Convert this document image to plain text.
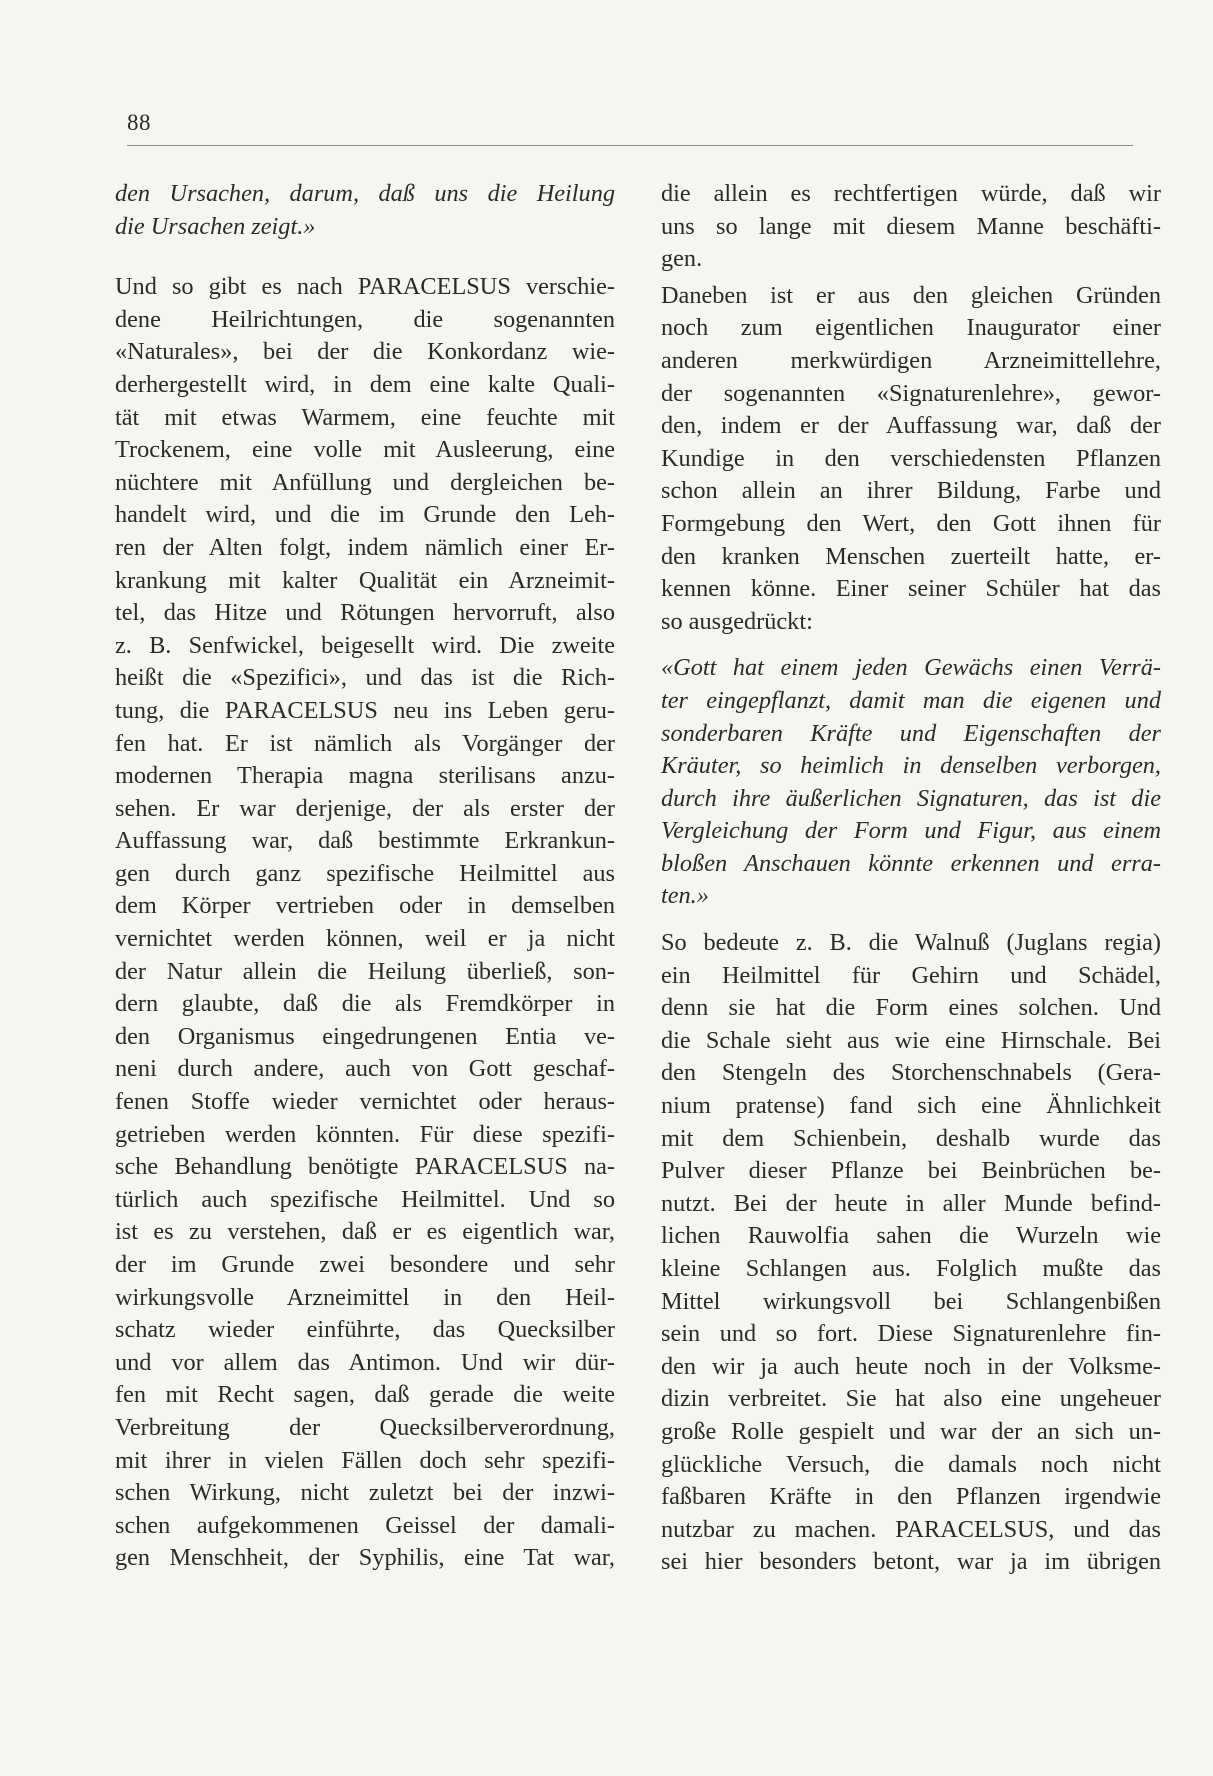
88
den Ursachen, darum, daß uns die Heilung
die Ursachen zeigt.»
Und so gibt es nach PARACELSUS verschie-
dene Heilrichtungen, die sogenannten
«Naturales», bei der die Konkordanz wie-
derhergestellt wird, in dem eine kalte Quali-
tät mit etwas Warmem, eine feuchte mit
Trockenem, eine volle mit Ausleerung, eine
nüchtere mit Anfüllung und dergleichen be-
handelt wird, und die im Grunde den Leh-
ren der Alten folgt, indem nämlich einer Er-
krankung mit kalter Qualität ein Arzneimit-
tel, das Hitze und Rötungen hervorruft, also
z. B. Senfwickel, beigesellt wird. Die zweite
heißt die «Spezifici», und das ist die Rich-
tung, die PARACELSUS neu ins Leben geru-
fen hat. Er ist nämlich als Vorgänger der
modernen Therapia magna sterilisans anzu-
sehen. Er war derjenige, der als erster der
Auffassung war, daß bestimmte Erkrankun-
gen durch ganz spezifische Heilmittel aus
dem Körper vertrieben oder in demselben
vernichtet werden können, weil er ja nicht
der Natur allein die Heilung überließ, son-
dern glaubte, daß die als Fremdkörper in
den Organismus eingedrungenen Entia ve-
neni durch andere, auch von Gott geschaf-
fenen Stoffe wieder vernichtet oder heraus-
getrieben werden könnten. Für diese spezifi-
sche Behandlung benötigte PARACELSUS na-
türlich auch spezifische Heilmittel. Und so
ist es zu verstehen, daß er es eigentlich war,
der im Grunde zwei besondere und sehr
wirkungsvolle Arzneimittel in den Heil-
schatz wieder einführte, das Quecksilber
und vor allem das Antimon. Und wir dür-
fen mit Recht sagen, daß gerade die weite
Verbreitung der Quecksilberverordnung,
mit ihrer in vielen Fällen doch sehr spezifi-
schen Wirkung, nicht zuletzt bei der inzwi-
schen aufgekommenen Geissel der damali-
gen Menschheit, der Syphilis, eine Tat war,
die allein es rechtfertigen würde, daß wir
uns so lange mit diesem Manne beschäfti-
gen.
Daneben ist er aus den gleichen Gründen
noch zum eigentlichen Inaugurator einer
anderen merkwürdigen Arzneimittellehre,
der sogenannten «Signaturenlehre», gewor-
den, indem er der Auffassung war, daß der
Kundige in den verschiedensten Pflanzen
schon allein an ihrer Bildung, Farbe und
Formgebung den Wert, den Gott ihnen für
den kranken Menschen zuerteilt hatte, er-
kennen könne. Einer seiner Schüler hat das
so ausgedrückt:
«Gott hat einem jeden Gewächs einen Verrä-
ter eingepflanzt, damit man die eigenen und
sonderbaren Kräfte und Eigenschaften der
Kräuter, so heimlich in denselben verborgen,
durch ihre äußerlichen Signaturen, das ist die
Vergleichung der Form und Figur, aus einem
bloßen Anschauen könnte erkennen und erra-
ten.»
So bedeute z. B. die Walnuß (Juglans regia)
ein Heilmittel für Gehirn und Schädel,
denn sie hat die Form eines solchen. Und
die Schale sieht aus wie eine Hirnschale. Bei
den Stengeln des Storchenschnabels (Gera-
nium pratense) fand sich eine Ähnlichkeit
mit dem Schienbein, deshalb wurde das
Pulver dieser Pflanze bei Beinbrüchen be-
nutzt. Bei der heute in aller Munde befind-
lichen Rauwolfia sahen die Wurzeln wie
kleine Schlangen aus. Folglich mußte das
Mittel wirkungsvoll bei Schlangenbißen
sein und so fort. Diese Signaturenlehre fin-
den wir ja auch heute noch in der Volksme-
dizin verbreitet. Sie hat also eine ungeheuer
große Rolle gespielt und war der an sich un-
glückliche Versuch, die damals noch nicht
faßbaren Kräfte in den Pflanzen irgendwie
nutzbar zu machen. PARACELSUS, und das
sei hier besonders betont, war ja im übrigen
